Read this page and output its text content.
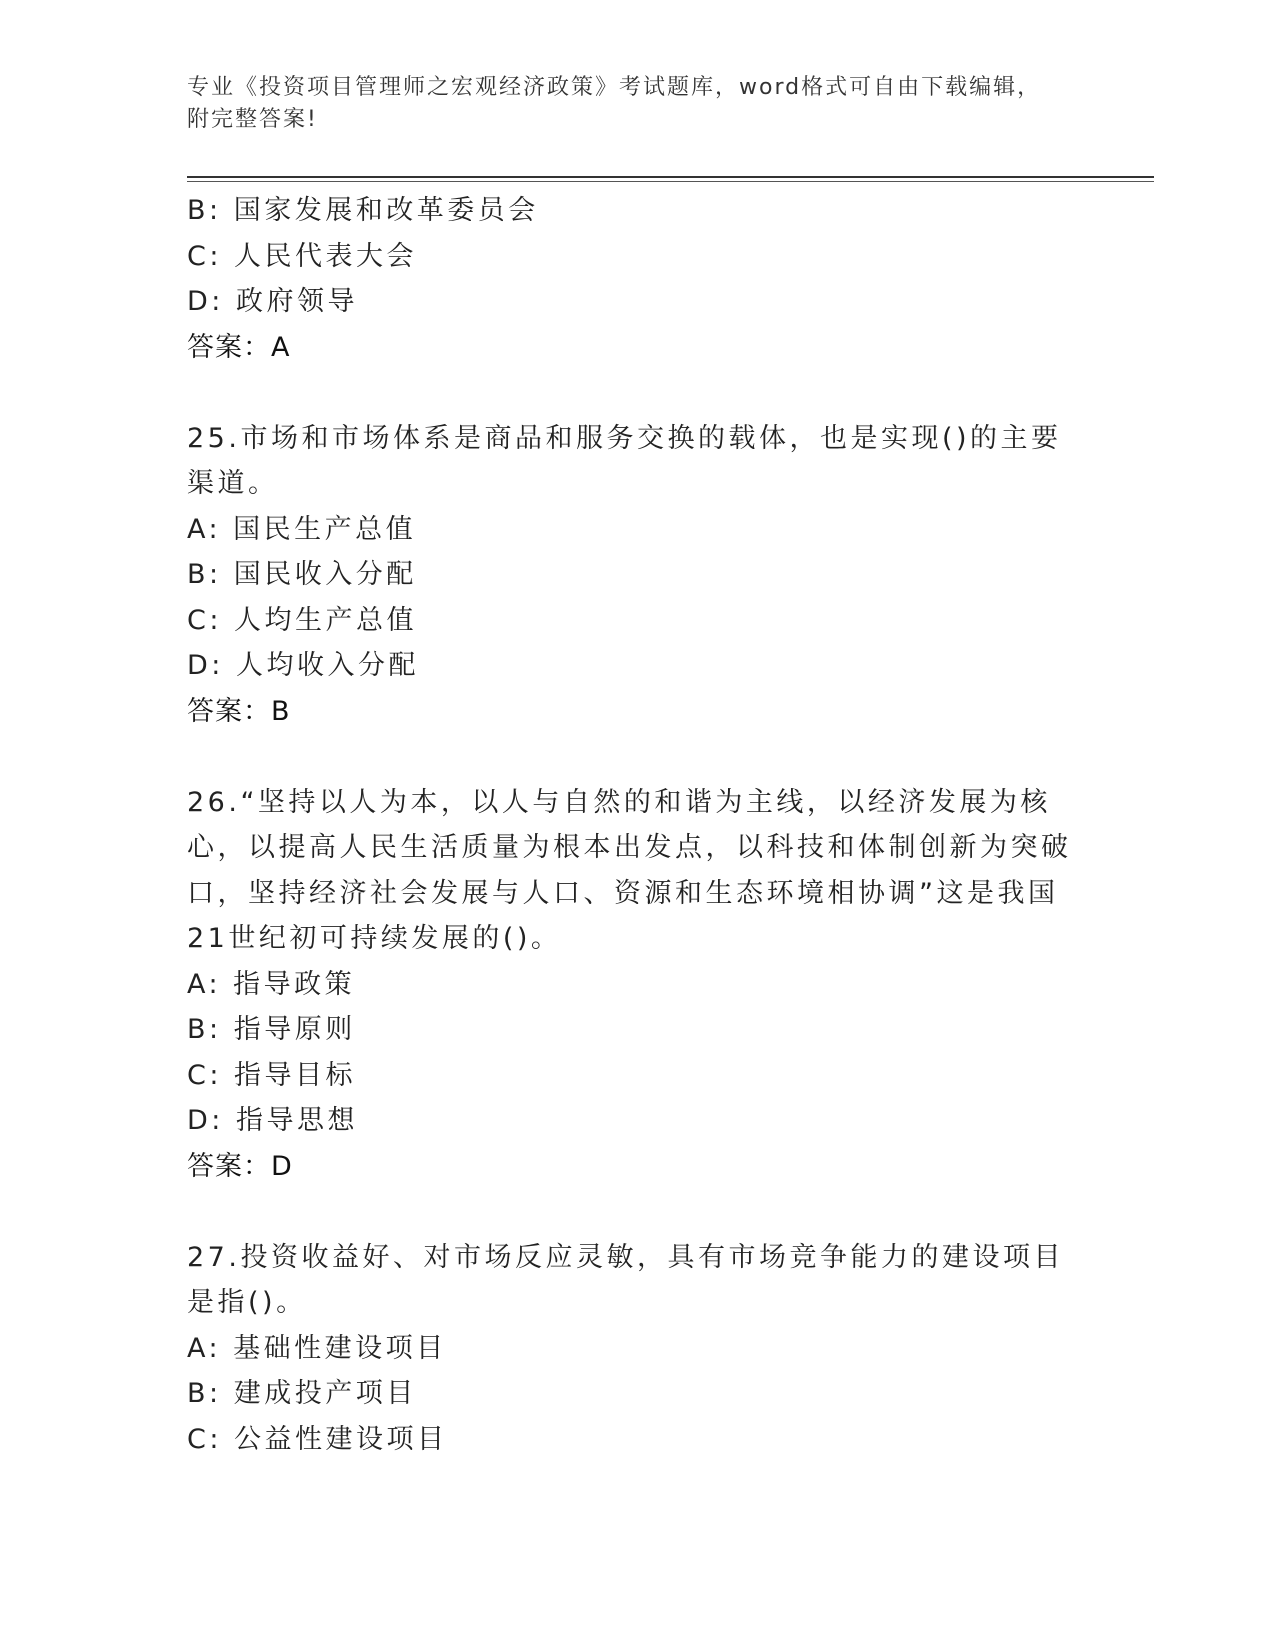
专业《投资项目管理师之宏观经济政策》考试题库，word格式可自由下载编辑，
附完整答案!
B: 国家发展和改革委员会
C: 人民代表大会
D: 政府领导
答案：A
25.市场和市场体系是商品和服务交换的载体，也是实现()的主要渠道。
A: 国民生产总值
B: 国民收入分配
C: 人均生产总值
D: 人均收入分配
答案：B
26.“坚持以人为本，以人与自然的和谐为主线，以经济发展为核心，以提高人民生活质量为根本出发点，以科技和体制创新为突破口，坚持经济社会发展与人口、资源和生态环境相协调”这是我国21世纪初可持续发展的()。
A: 指导政策
B: 指导原则
C: 指导目标
D: 指导思想
答案：D
27.投资收益好、对市场反应灵敏，具有市场竞争能力的建设项目是指()。
A: 基础性建设项目
B: 建成投产项目
C: 公益性建设项目
